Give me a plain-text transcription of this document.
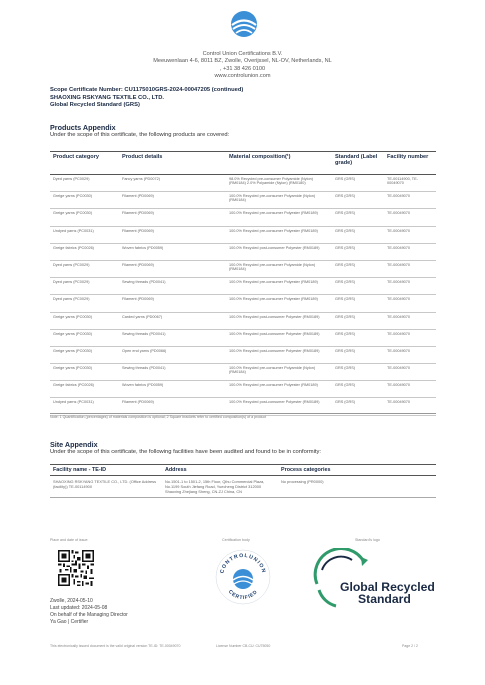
Control Union Certifications B.V.
Meeuwenlaan 4-6, 8011 BZ, Zwolle, Overijssel, NL-OV, Netherlands, NL
, +31 38 426 0100
www.controlunion.com
Scope Certificate Number: CU1175010GRS-2024-00047205 (continued)
SHAOXING RSKYANG TEXTILE CO., LTD.
Global Recycled Standard (GRS)
Products Appendix
Under the scope of this certificate, the following products are covered:
Product category	Product details	Material composition(¹)	Standard (Label grade)	Facility number
Dyed yarns (PC0029)	Fancy yarns (PD0072)	98.0% Recycled pre-consumer Polyamide (Nylon) (RM0184) 2.0% Polyamide (Nylon) (RM0180)	GRS (GRS)	TE-00114900, TE-00049070
Greige yarns (PC0030)	Filament (PD0069)	100.0% Recycled pre-consumer Polyamide (Nylon) (RM0184)	GRS (GRS)	TE-00049070
Greige yarns (PC0030)	Filament (PD0069)	100.0% Recycled pre-consumer Polyester (RM0189)	GRS (GRS)	TE-00049070
Undyed yarns (PC0031)	Filament (PD0069)	100.0% Recycled pre-consumer Polyester (RM0189)	GRS (GRS)	TE-00049070
Greige fabrics (PC0026)	Woven fabrics (PD0059)	100.0% Recycled post-consumer Polyester (RM0189)	GRS (GRS)	TE-00049070
Dyed yarns (PC0029)	Filament (PD0069)	100.0% Recycled pre-consumer Polyamide (Nylon) (RM0184)	GRS (GRS)	TE-00049070
Dyed yarns (PC0029)	Sewing threads (PD0041)	100.0% Recycled pre-consumer Polyester (RM0189)	GRS (GRS)	TE-00049070
Dyed yarns (PC0029)	Filament (PD0069)	100.0% Recycled pre-consumer Polyester (RM0189)	GRS (GRS)	TE-00049070
Greige yarns (PC0030)	Carded yarns (PD0067)	100.0% Recycled post-consumer Polyester (RM0189)	GRS (GRS)	TE-00049070
Greige yarns (PC0030)	Sewing threads (PD0041)	100.0% Recycled post-consumer Polyester (RM0189)	GRS (GRS)	TE-00049070
Greige yarns (PC0030)	Open end yarns (PD0066)	100.0% Recycled post-consumer Polyester (RM0189)	GRS (GRS)	TE-00049070
Greige yarns (PC0030)	Sewing threads (PD0041)	100.0% Recycled pre-consumer Polyamide (Nylon) (RM0184)	GRS (GRS)	TE-00049070
Greige fabrics (PC0026)	Woven fabrics (PD0059)	100.0% Recycled pre-consumer Polyester (RM0189)	GRS (GRS)	TE-00049070
Undyed yarns (PC0031)	Filament (PD0069)	100.0% Recycled post-consumer Polyester (RM0189)	GRS (GRS)	TE-00049070
Note: 1 Quantification (percentages) of materials composition is optional; 2 Square brackets refer to certified composition(s) of a product
Site Appendix
Under the scope of this certificate, the following facilities have been audited and found to be in conformity:
Facility name - TE-ID	Address	Process categories
SHAOXING RSKYANG TEXTILE CO., LTD. (Office Address (facility)) TE-00114900	No.1501-1 to 1501-2, 15th Floor, Qihu Commercial Plaza, No.1199 South Jiefang Road, Yuecheng District 312000 Shaoxing Zhejiang Sheng, CN-ZJ China, CN	No processing (PR0000)
Place and date of issue:	Certification body	Standard's logo
CONTROLUNION
CERTIFIED	Global Recycled
Standard
Zwolle, 2024-05-10
Last updated: 2024-05-08
On behalf of the Managing Director
Ya Gao | Certifier
This electronically issued document is the valid original version TE-ID: TE-00049070	License Number CB-CU: CU75050	Page 2 / 2
